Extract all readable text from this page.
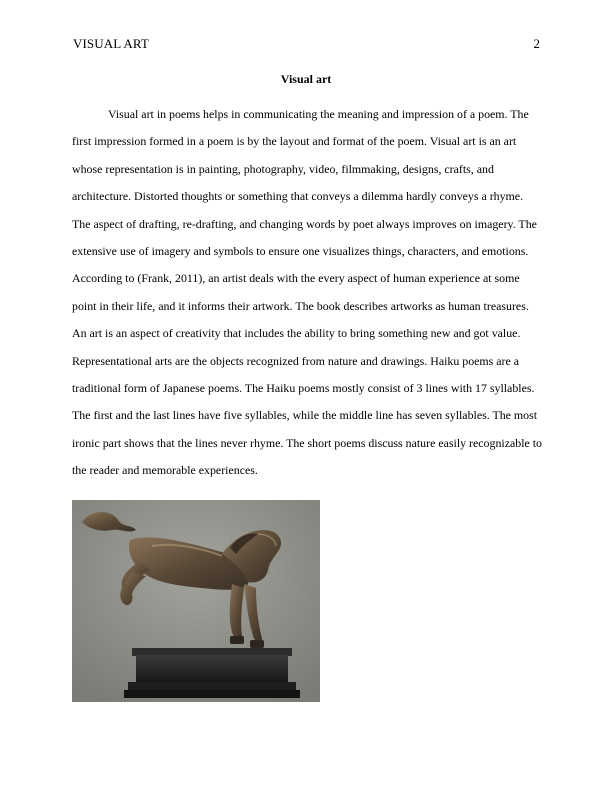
VISUAL ART	2
Visual art

Visual art in poems helps in communicating the meaning and impression of a poem. The first impression formed in a poem is by the layout and format of the poem. Visual art is an art whose representation is in painting, photography, video, filmmaking, designs, crafts, and architecture. Distorted thoughts or something that conveys a dilemma hardly conveys a rhyme. The aspect of drafting, re-drafting, and changing words by poet always improves on imagery. The extensive use of imagery and symbols to ensure one visualizes things, characters, and emotions. According to (Frank, 2011), an artist deals with the every aspect of human experience at some point in their life, and it informs their artwork. The book describes artworks as human treasures. An art is an aspect of creativity that includes the ability to bring something new and got value. Representational arts are the objects recognized from nature and drawings. Haiku poems are a traditional form of Japanese poems. The Haiku poems mostly consist of 3 lines with 17 syllables. The first and the last lines have five syllables, while the middle line has seven syllables. The most ironic part shows that the lines never rhyme. The short poems discuss nature easily recognizable to the reader and memorable experiences.
